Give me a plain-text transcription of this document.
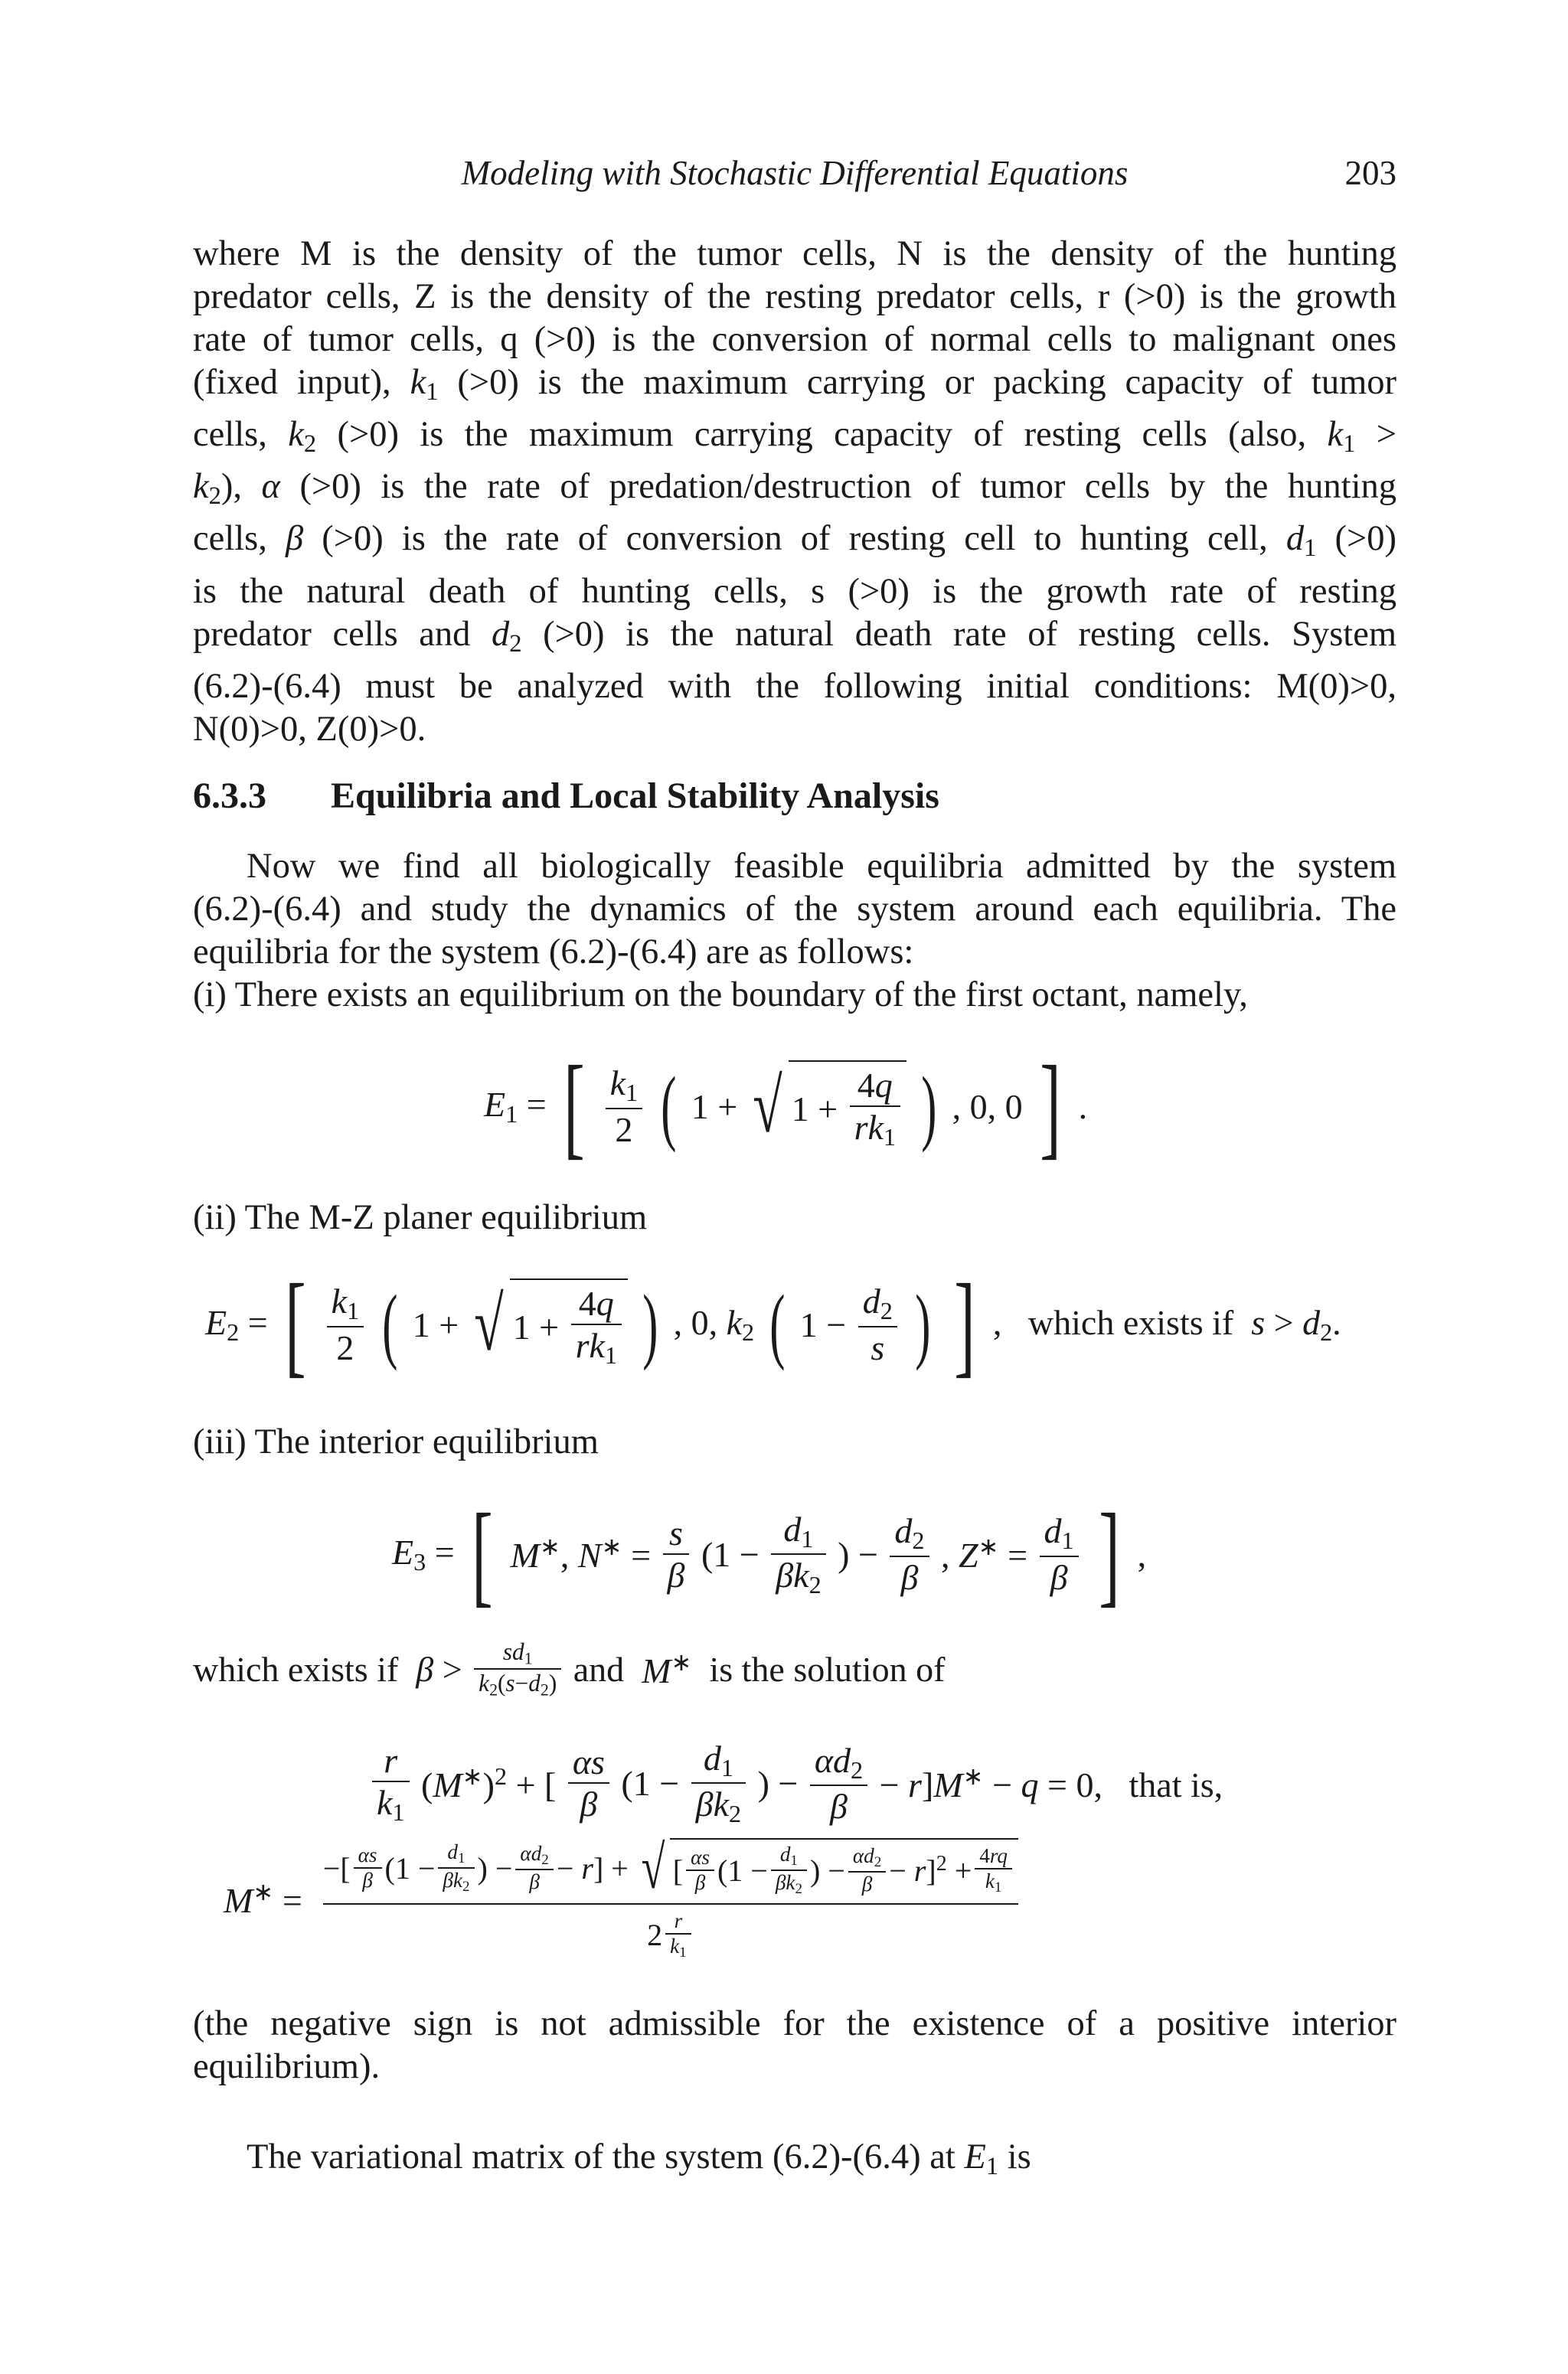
Modeling with Stochastic Differential Equations	203
where M is the density of the tumor cells, N is the density of the hunting
predator cells, Z is the density of the resting predator cells, r (>0) is the growth
rate of tumor cells, q (>0) is the conversion of normal cells to malignant ones
(fixed input), $k_1$ (>0) is the maximum carrying or packing capacity of tumor
cells, $k_2$ (>0) is the maximum carrying capacity of resting cells (also, $k_1$ >
$k_2$), α (>0) is the rate of predation/destruction of tumor cells by the hunting
cells, β (>0) is the rate of conversion of resting cell to hunting cell, $d_1$ (>0)
is the natural death of hunting cells, s (>0) is the growth rate of resting
predator cells and $d_2$ (>0) is the natural death rate of resting cells. System
(6.2)-(6.4) must be analyzed with the following initial conditions: M(0)>0,
N(0)>0, Z(0)>0.
6.3.3 Equilibria and Local Stability Analysis
Now we find all biologically feasible equilibria admitted by the system
(6.2)-(6.4) and study the dynamics of the system around each equilibria. The
equilibria for the system (6.2)-(6.4) are as follows:
(i) There exists an equilibrium on the boundary of the first octant, namely,
$E_1$ = [ $\frac{k_1}{2}$ ( 1 + √ $1 + \frac{4q}{rk_1}$ ) , 0, 0 ] .
(ii) The M-Z planer equilibrium
$E_2$ = [ $\frac{k_1}{2}$ ( 1 + √ $1 + \frac{4q}{rk_1}$ ) , 0, $k_2$ ( $1 - \frac{d_2}{s}$ ) ] ,   which exists if $s > d_2$.
(iii) The interior equilibrium
$E_3$ = [ M∗, $N^∗ = \frac{s}{\beta} (1 - \frac{d_1}{\beta k_2}$ ) − $\frac{d_2}{\beta}$ , $Z^∗ = \frac{d_1}{\beta}$ ] ,
which exists if $\beta > \frac{sd_1}{k_2(s-d_2)}$ and M∗ is the solution of
$\frac{r}{k_1} (M^∗)^2$ + [ $\frac{\alpha s}{\beta} (1 - \frac{d_1}{\beta k_2}$ ) − $\frac{\alpha d_2}{\beta} - r]M^∗ - q = 0$,   that is,
M∗ =
−[ $\frac{\alpha s}{\beta} (1 - \frac{d_1}{\beta k_2}$ ) − $\frac{\alpha d_2}{\beta} - r$] + √ [ $\frac{\alpha s}{\beta} (1 - \frac{d_1}{\beta k_2}$ ) − $\frac{\alpha d_2}{\beta} - r]^2 + \frac{4rq}{k_1}$
$2 \frac{r}{k_1}$
(the negative sign is not admissible for the existence of a positive interior
equilibrium).
The variational matrix of the system (6.2)-(6.4) at $E_1$ is
